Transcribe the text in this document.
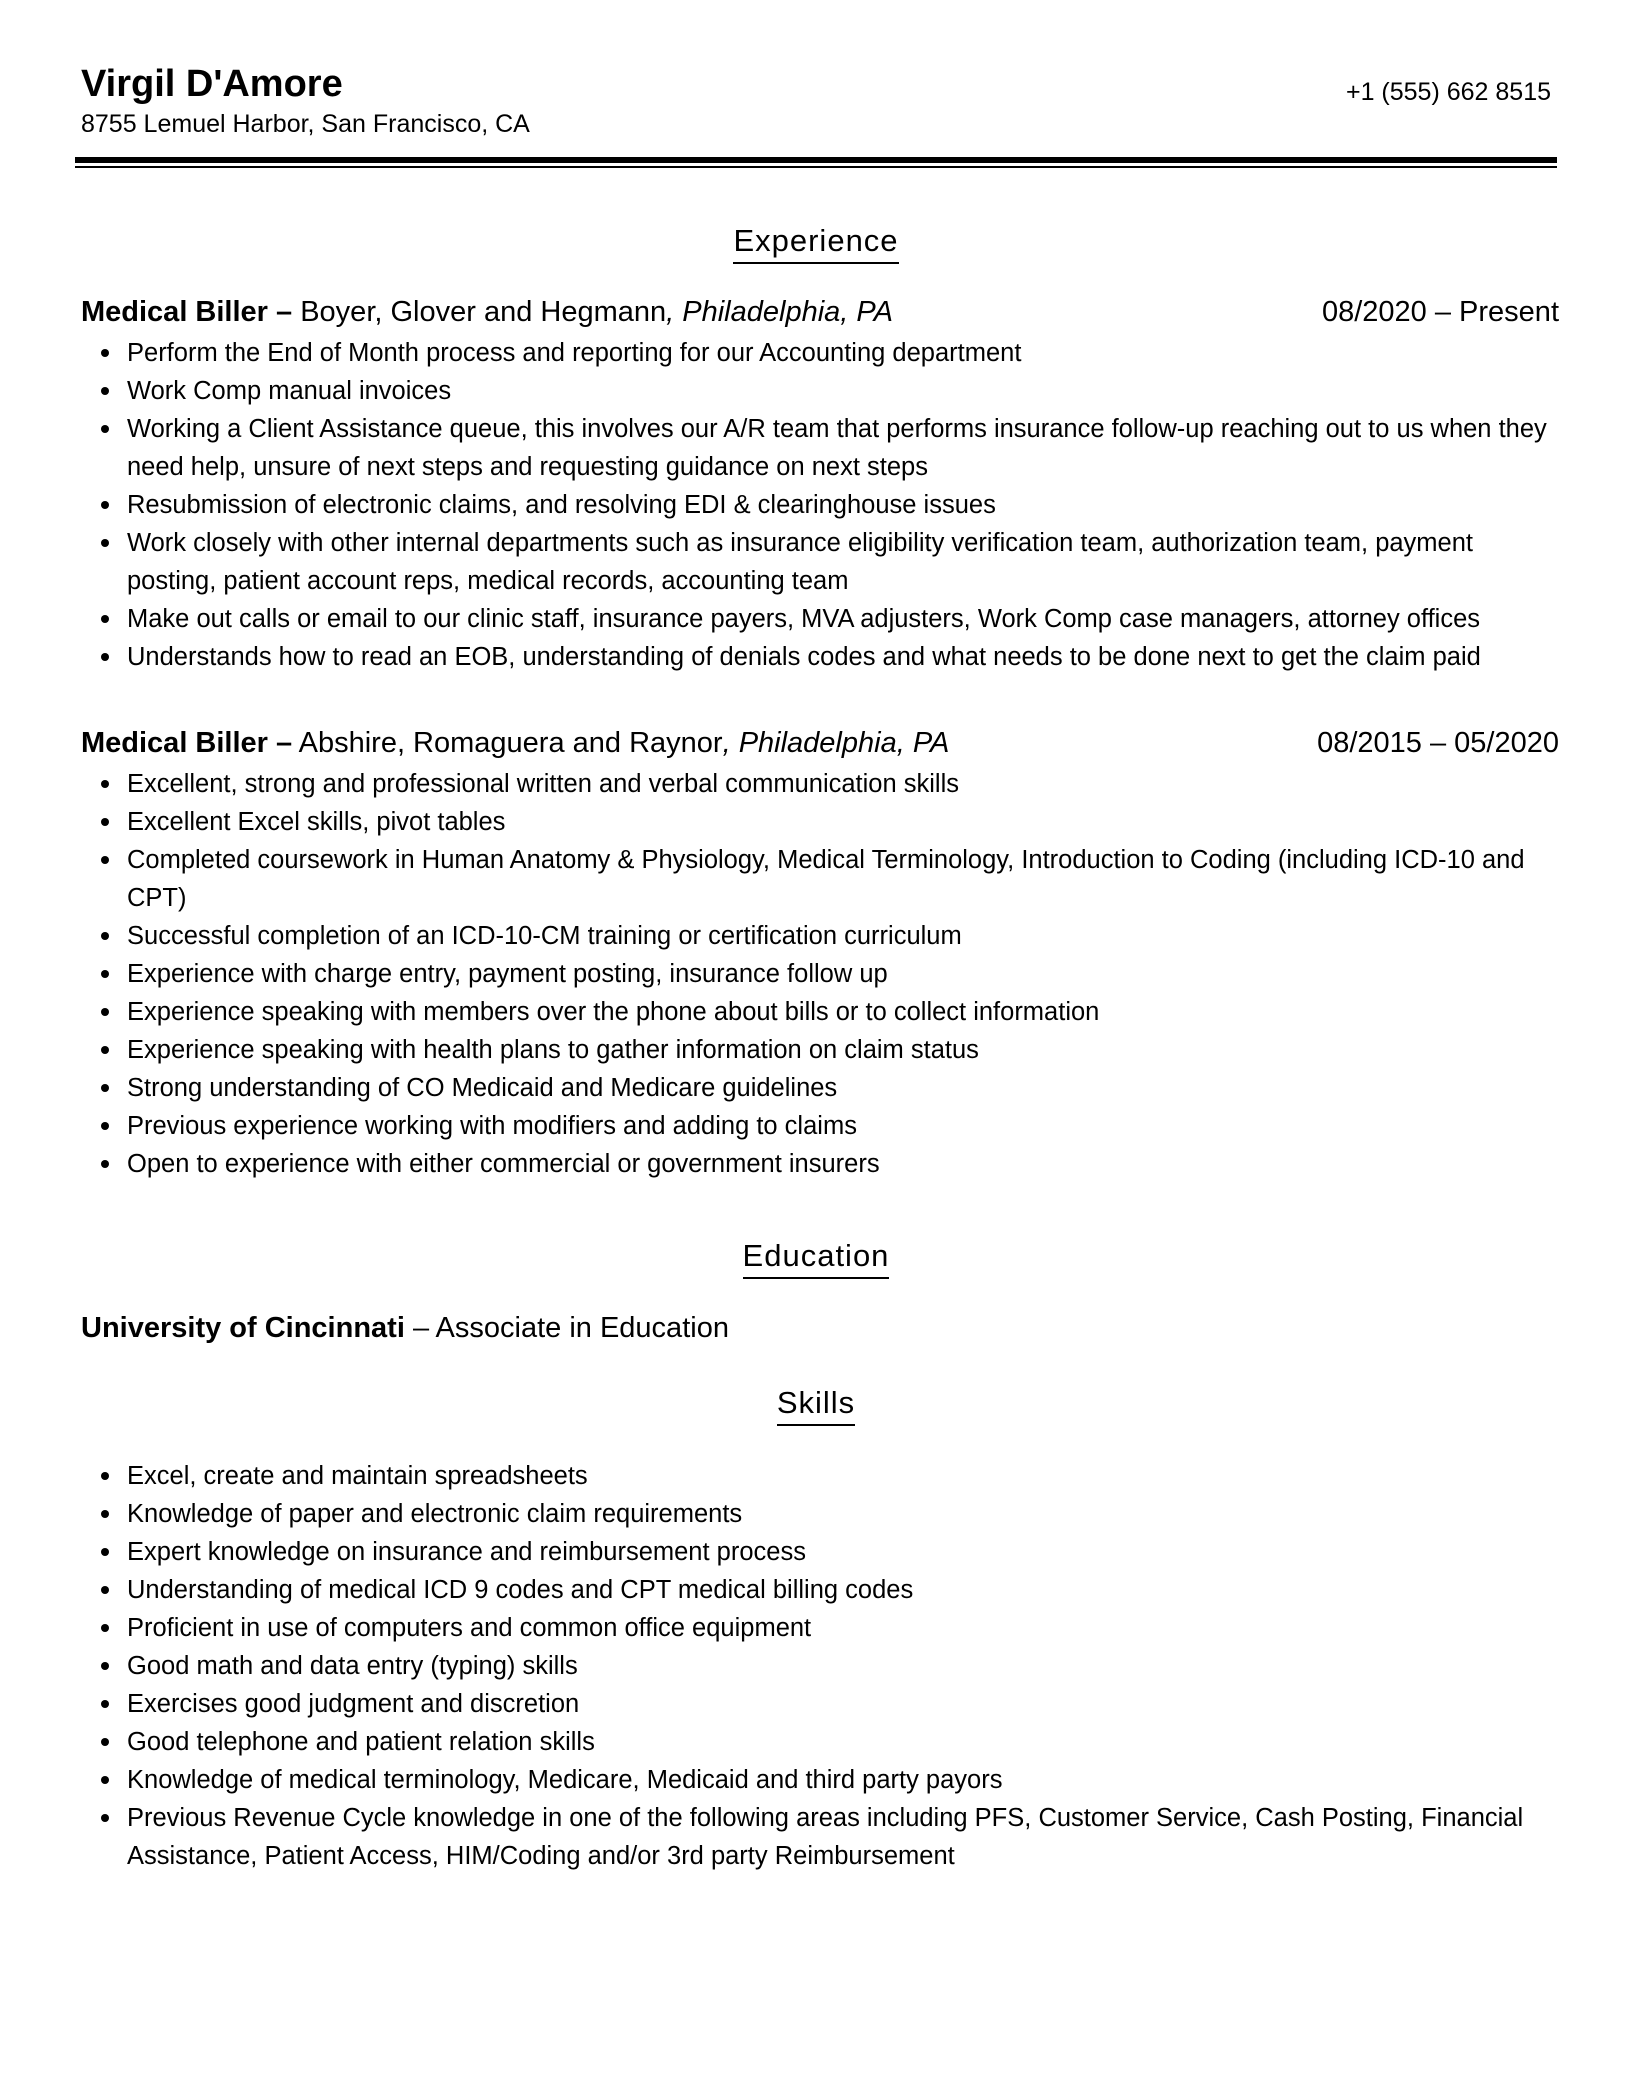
Virgil D'Amore
8755 Lemuel Harbor, San Francisco, CA
+1 (555) 662 8515
Experience
Medical Biller – Boyer, Glover and Hegmann, Philadelphia, PA	08/2020 – Present
Perform the End of Month process and reporting for our Accounting department
Work Comp manual invoices
Working a Client Assistance queue, this involves our A/R team that performs insurance follow-up reaching out to us when they need help, unsure of next steps and requesting guidance on next steps
Resubmission of electronic claims, and resolving EDI & clearinghouse issues
Work closely with other internal departments such as insurance eligibility verification team, authorization team, payment posting, patient account reps, medical records, accounting team
Make out calls or email to our clinic staff, insurance payers, MVA adjusters, Work Comp case managers, attorney offices
Understands how to read an EOB, understanding of denials codes and what needs to be done next to get the claim paid
Medical Biller – Abshire, Romaguera and Raynor, Philadelphia, PA	08/2015 – 05/2020
Excellent, strong and professional written and verbal communication skills
Excellent Excel skills, pivot tables
Completed coursework in Human Anatomy & Physiology, Medical Terminology, Introduction to Coding (including ICD-10 and CPT)
Successful completion of an ICD-10-CM training or certification curriculum
Experience with charge entry, payment posting, insurance follow up
Experience speaking with members over the phone about bills or to collect information
Experience speaking with health plans to gather information on claim status
Strong understanding of CO Medicaid and Medicare guidelines
Previous experience working with modifiers and adding to claims
Open to experience with either commercial or government insurers
Education
University of Cincinnati – Associate in Education
Skills
Excel, create and maintain spreadsheets
Knowledge of paper and electronic claim requirements
Expert knowledge on insurance and reimbursement process
Understanding of medical ICD 9 codes and CPT medical billing codes
Proficient in use of computers and common office equipment
Good math and data entry (typing) skills
Exercises good judgment and discretion
Good telephone and patient relation skills
Knowledge of medical terminology, Medicare, Medicaid and third party payors
Previous Revenue Cycle knowledge in one of the following areas including PFS, Customer Service, Cash Posting, Financial Assistance, Patient Access, HIM/Coding and/or 3rd party Reimbursement
